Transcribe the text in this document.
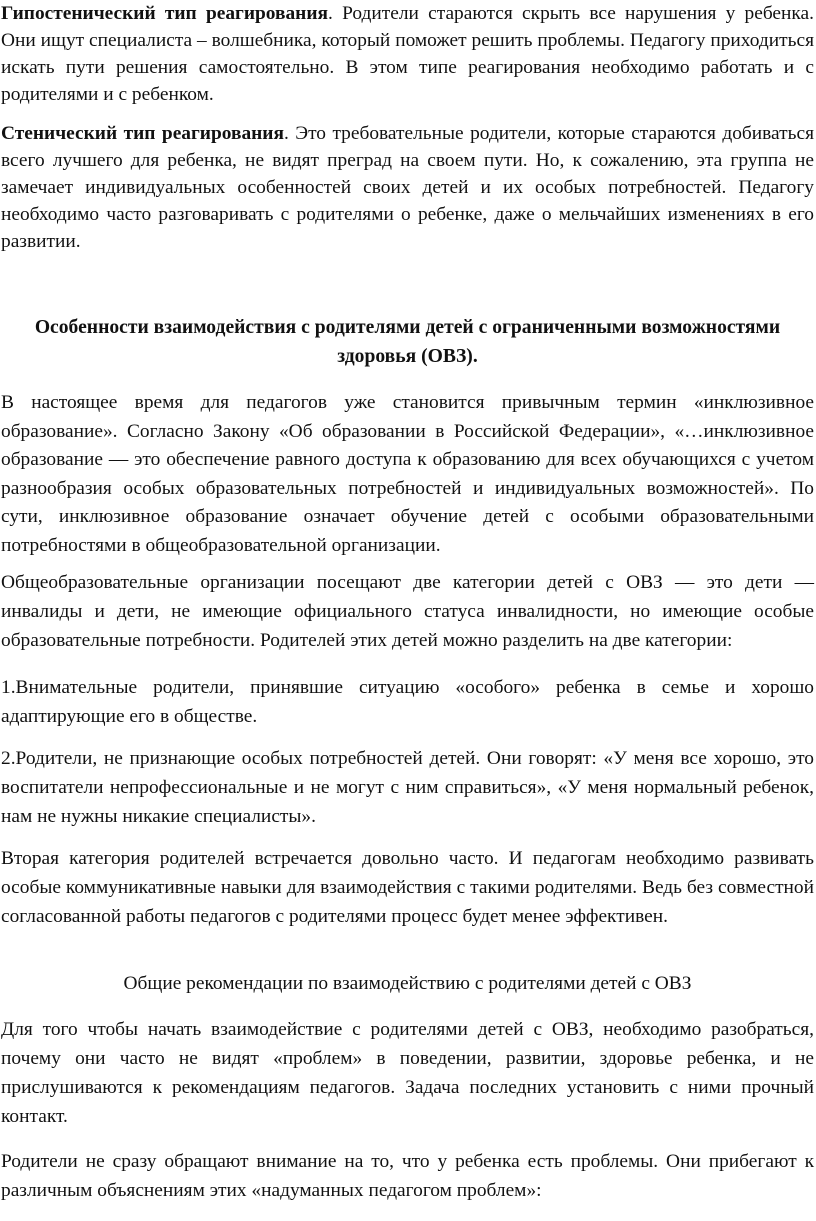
Гипостенический тип реагирования. Родители стараются скрыть все нарушения у ребенка. Они ищут специалиста – волшебника, который поможет решить проблемы. Педагогу приходиться искать пути решения самостоятельно. В этом типе реагирования необходимо работать и с родителями и с ребенком.

Стенический тип реагирования. Это требовательные родители, которые стараются добиваться всего лучшего для ребенка, не видят преград на своем пути. Но, к сожалению, эта группа не замечает индивидуальных особенностей своих детей и их особых потребностей. Педагогу необходимо часто разговаривать с родителями о ребенке, даже о мельчайших изменениях в его развитии.

Особенности взаимодействия с родителями детей с ограниченными возможностями здоровья (ОВЗ).

В настоящее время для педагогов уже становится привычным термин «инклюзивное образование». Согласно Закону «Об образовании в Российской Федерации», «…инклюзивное образование — это обеспечение равного доступа к образованию для всех обучающихся с учетом разнообразия особых образовательных потребностей и индивидуальных возможностей». По сути, инклюзивное образование означает обучение детей с особыми образовательными потребностями в общеобразовательной организации.

Общеобразовательные организации посещают две категории детей с ОВЗ — это дети — инвалиды и дети, не имеющие официального статуса инвалидности, но имеющие особые образовательные потребности. Родителей этих детей можно разделить на две категории:

1.Внимательные родители, принявшие ситуацию «особого» ребенка в семье и хорошо адаптирующие его в обществе.

2.Родители, не признающие особых потребностей детей. Они говорят: «У меня все хорошо, это воспитатели непрофессиональные и не могут с ним справиться», «У меня нормальный ребенок, нам не нужны никакие специалисты».

Вторая категория родителей встречается довольно часто. И педагогам необходимо развивать особые коммуникативные навыки для взаимодействия с такими родителями. Ведь без совместной согласованной работы педагогов с родителями процесс будет менее эффективен.

Общие рекомендации по взаимодействию с родителями детей с ОВЗ

Для того чтобы начать взаимодействие с родителями детей с ОВЗ, необходимо разобраться, почему они часто не видят «проблем» в поведении, развитии, здоровье ребенка, и не прислушиваются к рекомендациям педагогов. Задача последних установить с ними прочный контакт.

Родители не сразу обращают внимание на то, что у ребенка есть проблемы. Они прибегают к различным объяснениям этих «надуманных педагогом проблем»:
